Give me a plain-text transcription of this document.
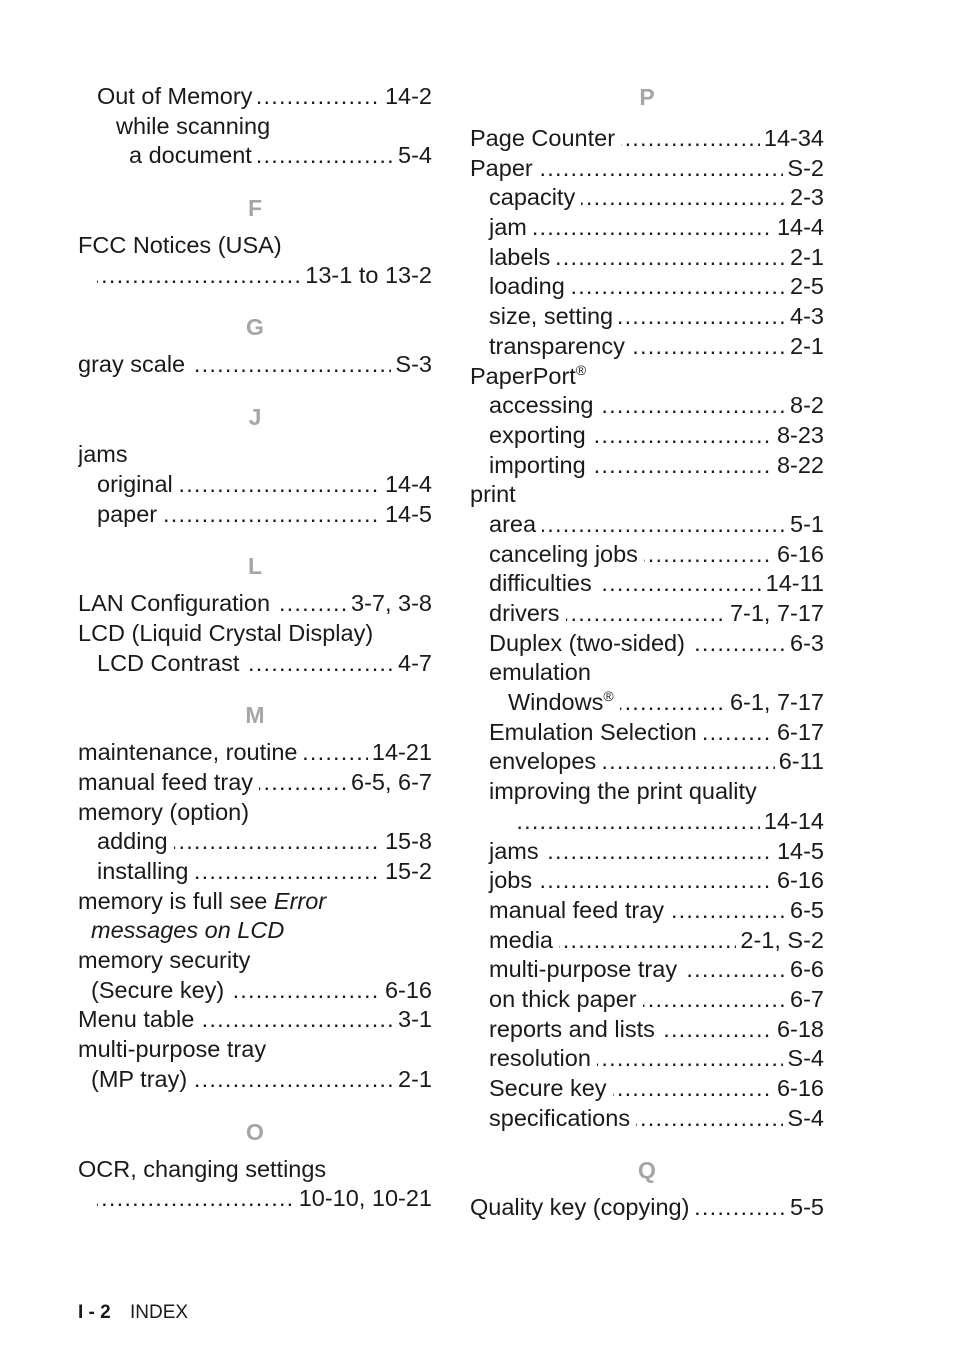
..... Out of Memory	14-2
while scanning
..... a document	5-4
F
FCC Notices (USA)
..... 13-1 to 13-2
G
..... gray scale	S-3
J
jams
..... original	14-4
..... paper	14-5
L
..... LAN Configuration	3-7, 3-8
LCD (Liquid Crystal Display)
..... LCD Contrast	4-7
M
..... maintenance, routine	14-21
..... manual feed tray	6-5, 6-7
memory (option)
..... adding	15-8
..... installing	15-2
memory is full see Error
messages on LCD
memory security
..... (Secure key)	6-16
..... Menu table	3-1
multi-purpose tray
..... (MP tray)	2-1
O
OCR, changing settings
..... 10-10, 10-21
P
..... Page Counter	14-34
..... Paper	S-2
..... capacity	2-3
..... jam	14-4
..... labels	2-1
..... loading	2-5
..... size, setting	4-3
..... transparency	2-1
PaperPort®
..... accessing	8-2
..... exporting	8-23
..... importing	8-22
print
..... area	5-1
..... canceling jobs	6-16
..... difficulties	14-11
..... drivers	7-1, 7-17
..... Duplex (two-sided)	6-3
emulation
..... Windows®	6-1, 7-17
..... Emulation Selection	6-17
..... envelopes	6-11
improving the print quality
..... 14-14
..... jams	14-5
..... jobs	6-16
..... manual feed tray	6-5
..... media	2-1, S-2
..... multi-purpose tray	6-6
..... on thick paper	6-7
..... reports and lists	6-18
..... resolution	S-4
..... Secure key	6-16
..... specifications	S-4
Q
..... Quality key (copying)	5-5
I - 2 INDEX
